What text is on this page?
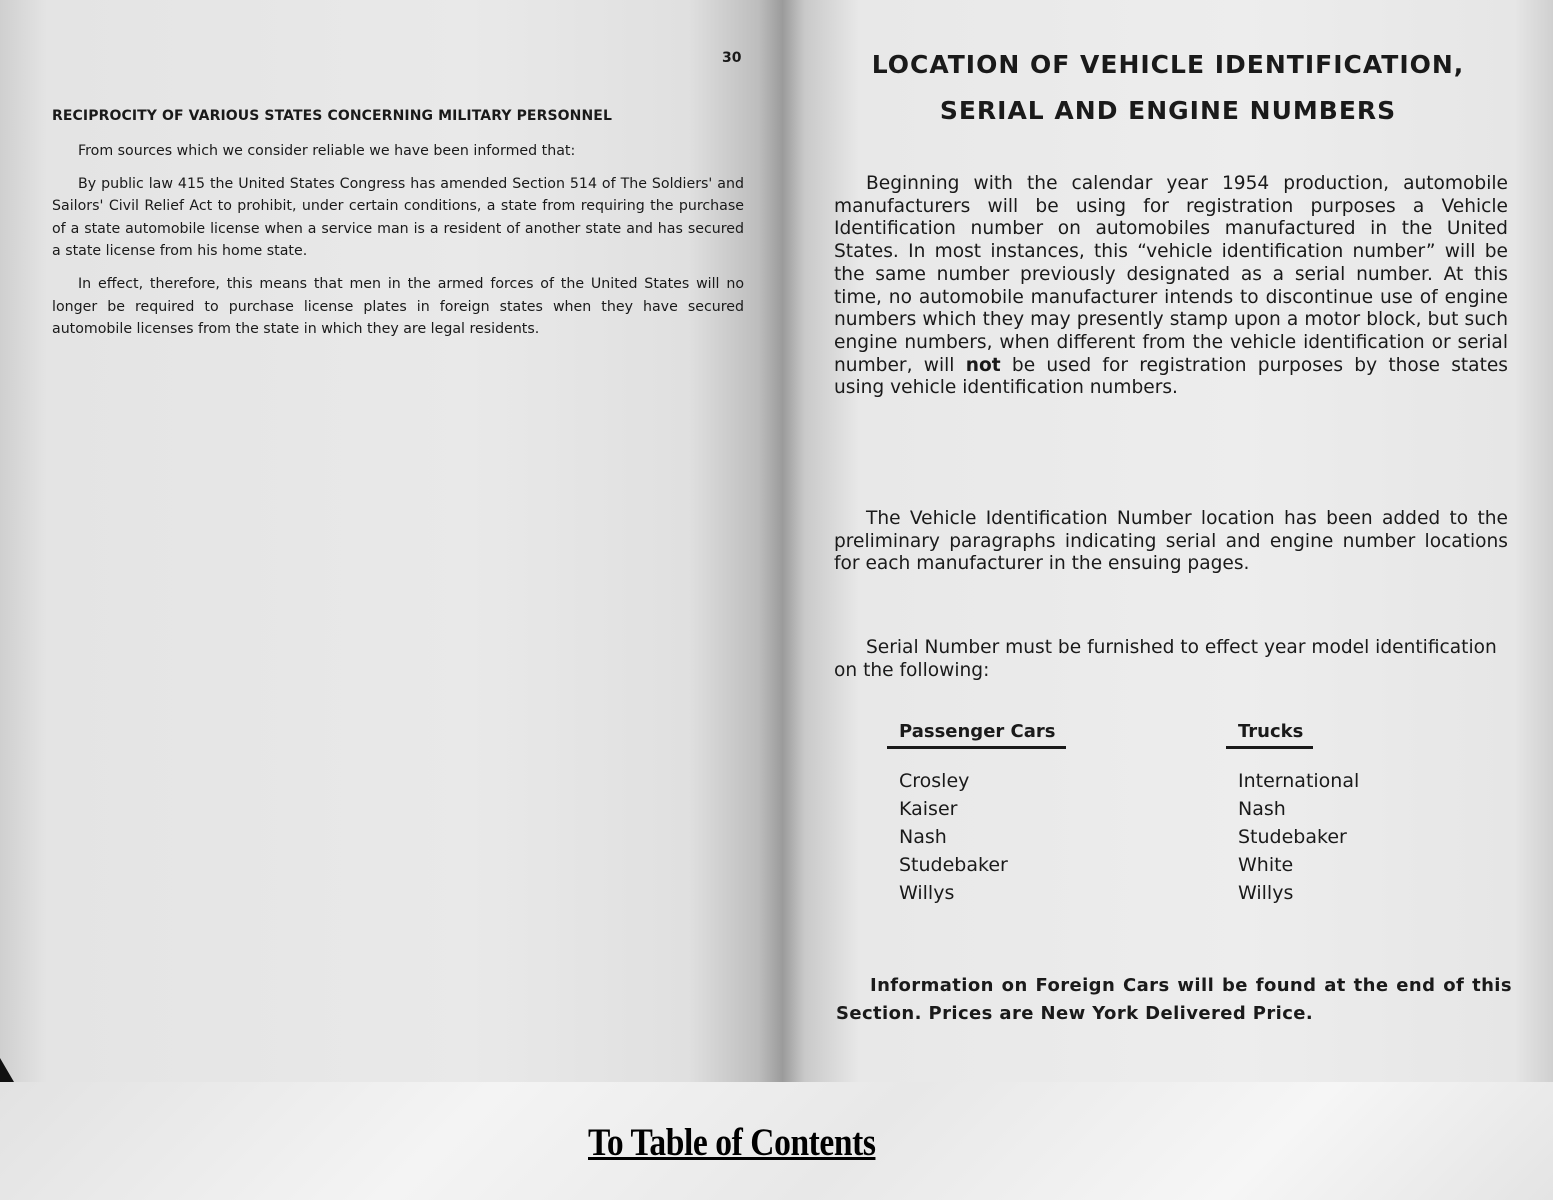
30
RECIPROCITY OF VARIOUS STATES CONCERNING MILITARY PERSONNEL

From sources which we consider reliable we have been informed that:

By public law 415 the United States Congress has amended Section 514 of The Soldiers' and Sailors' Civil Relief Act to prohibit, under certain conditions, a state from requiring the purchase of a state automobile license when a service man is a resident of another state and has secured a state license from his home state.

In effect, therefore, this means that men in the armed forces of the United States will no longer be required to purchase license plates in foreign states when they have secured automobile licenses from the state in which they are legal residents.

LOCATION OF VEHICLE IDENTIFICATION,
SERIAL AND ENGINE NUMBERS

Beginning with the calendar year 1954 production, automobile manufacturers will be using for registration purposes a Vehicle Identification number on automobiles manufactured in the United States. In most instances, this “vehicle identification number” will be the same number previously designated as a serial number. At this time, no automobile manufacturer intends to discontinue use of engine numbers which they may presently stamp upon a motor block, but such engine numbers, when different from the vehicle identification or serial number, will not be used for registration purposes by those states using vehicle identification numbers.

The Vehicle Identification Number location has been added to the preliminary paragraphs indicating serial and engine number locations for each manufacturer in the ensuing pages.

Serial Number must be furnished to effect year model identification on the following:

Passenger Cars
Crosley
Kaiser
Nash
Studebaker
Willys
Trucks
International
Nash
Studebaker
White
Willys
Information on Foreign Cars will be found at the end of this Section. Prices are New York Delivered Price.
To Table of Contents
